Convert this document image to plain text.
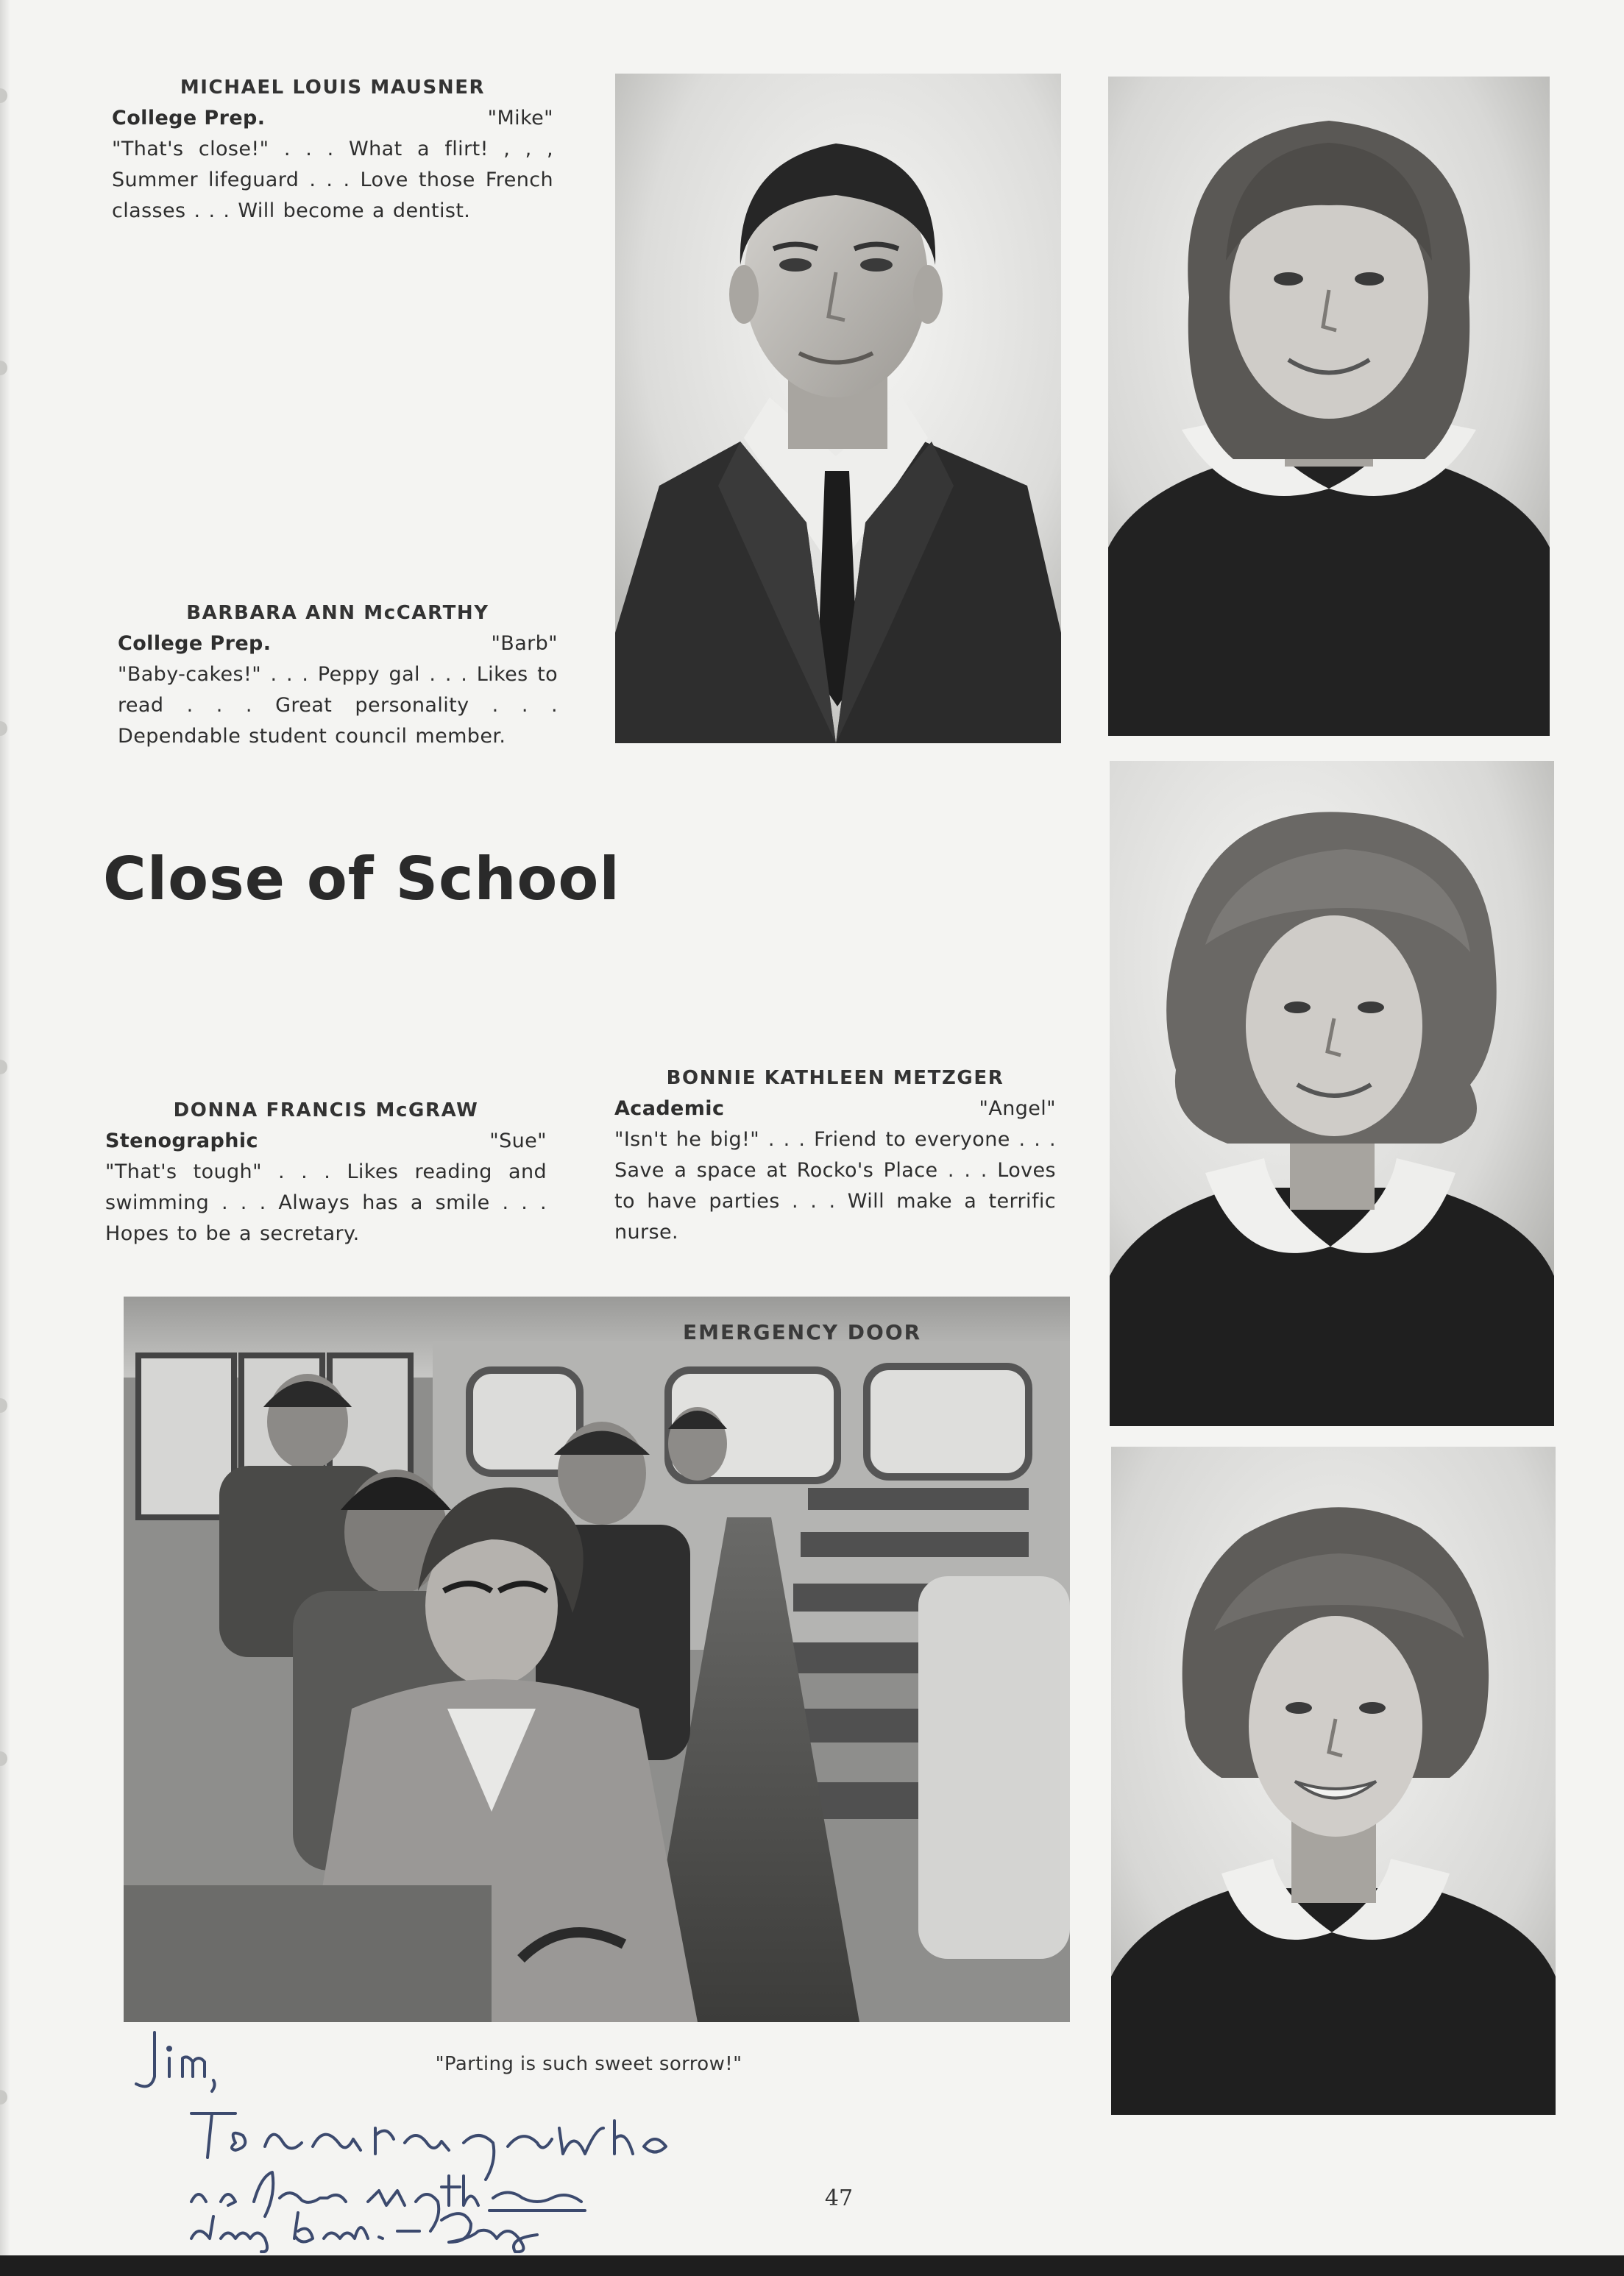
MICHAEL LOUIS MAUSNER
College Prep.	"Mike"
"That's close!" . . . What a flirt! , , , Summer lifeguard . . . Love those French classes . . . Will become a dentist.
BARBARA ANN McCARTHY
College Prep.	"Barb"
"Baby-cakes!" . . . Peppy gal . . . Likes to read . . . Great personality . . . Dependable student council member.
Close of School
DONNA FRANCIS McGRAW
Stenographic	"Sue"
"That's tough" . . . Likes reading and swimming . . . Always has a smile . . . Hopes to be a secretary.
BONNIE KATHLEEN METZGER
Academic	"Angel"
"Isn't he big!" . . . Friend to everyone . . . Save a space at Rocko's Place . . . Loves to have parties . . . Will make a terrific nurse.
EMERGENCY DOOR
"Parting is such sweet sorrow!"
47
